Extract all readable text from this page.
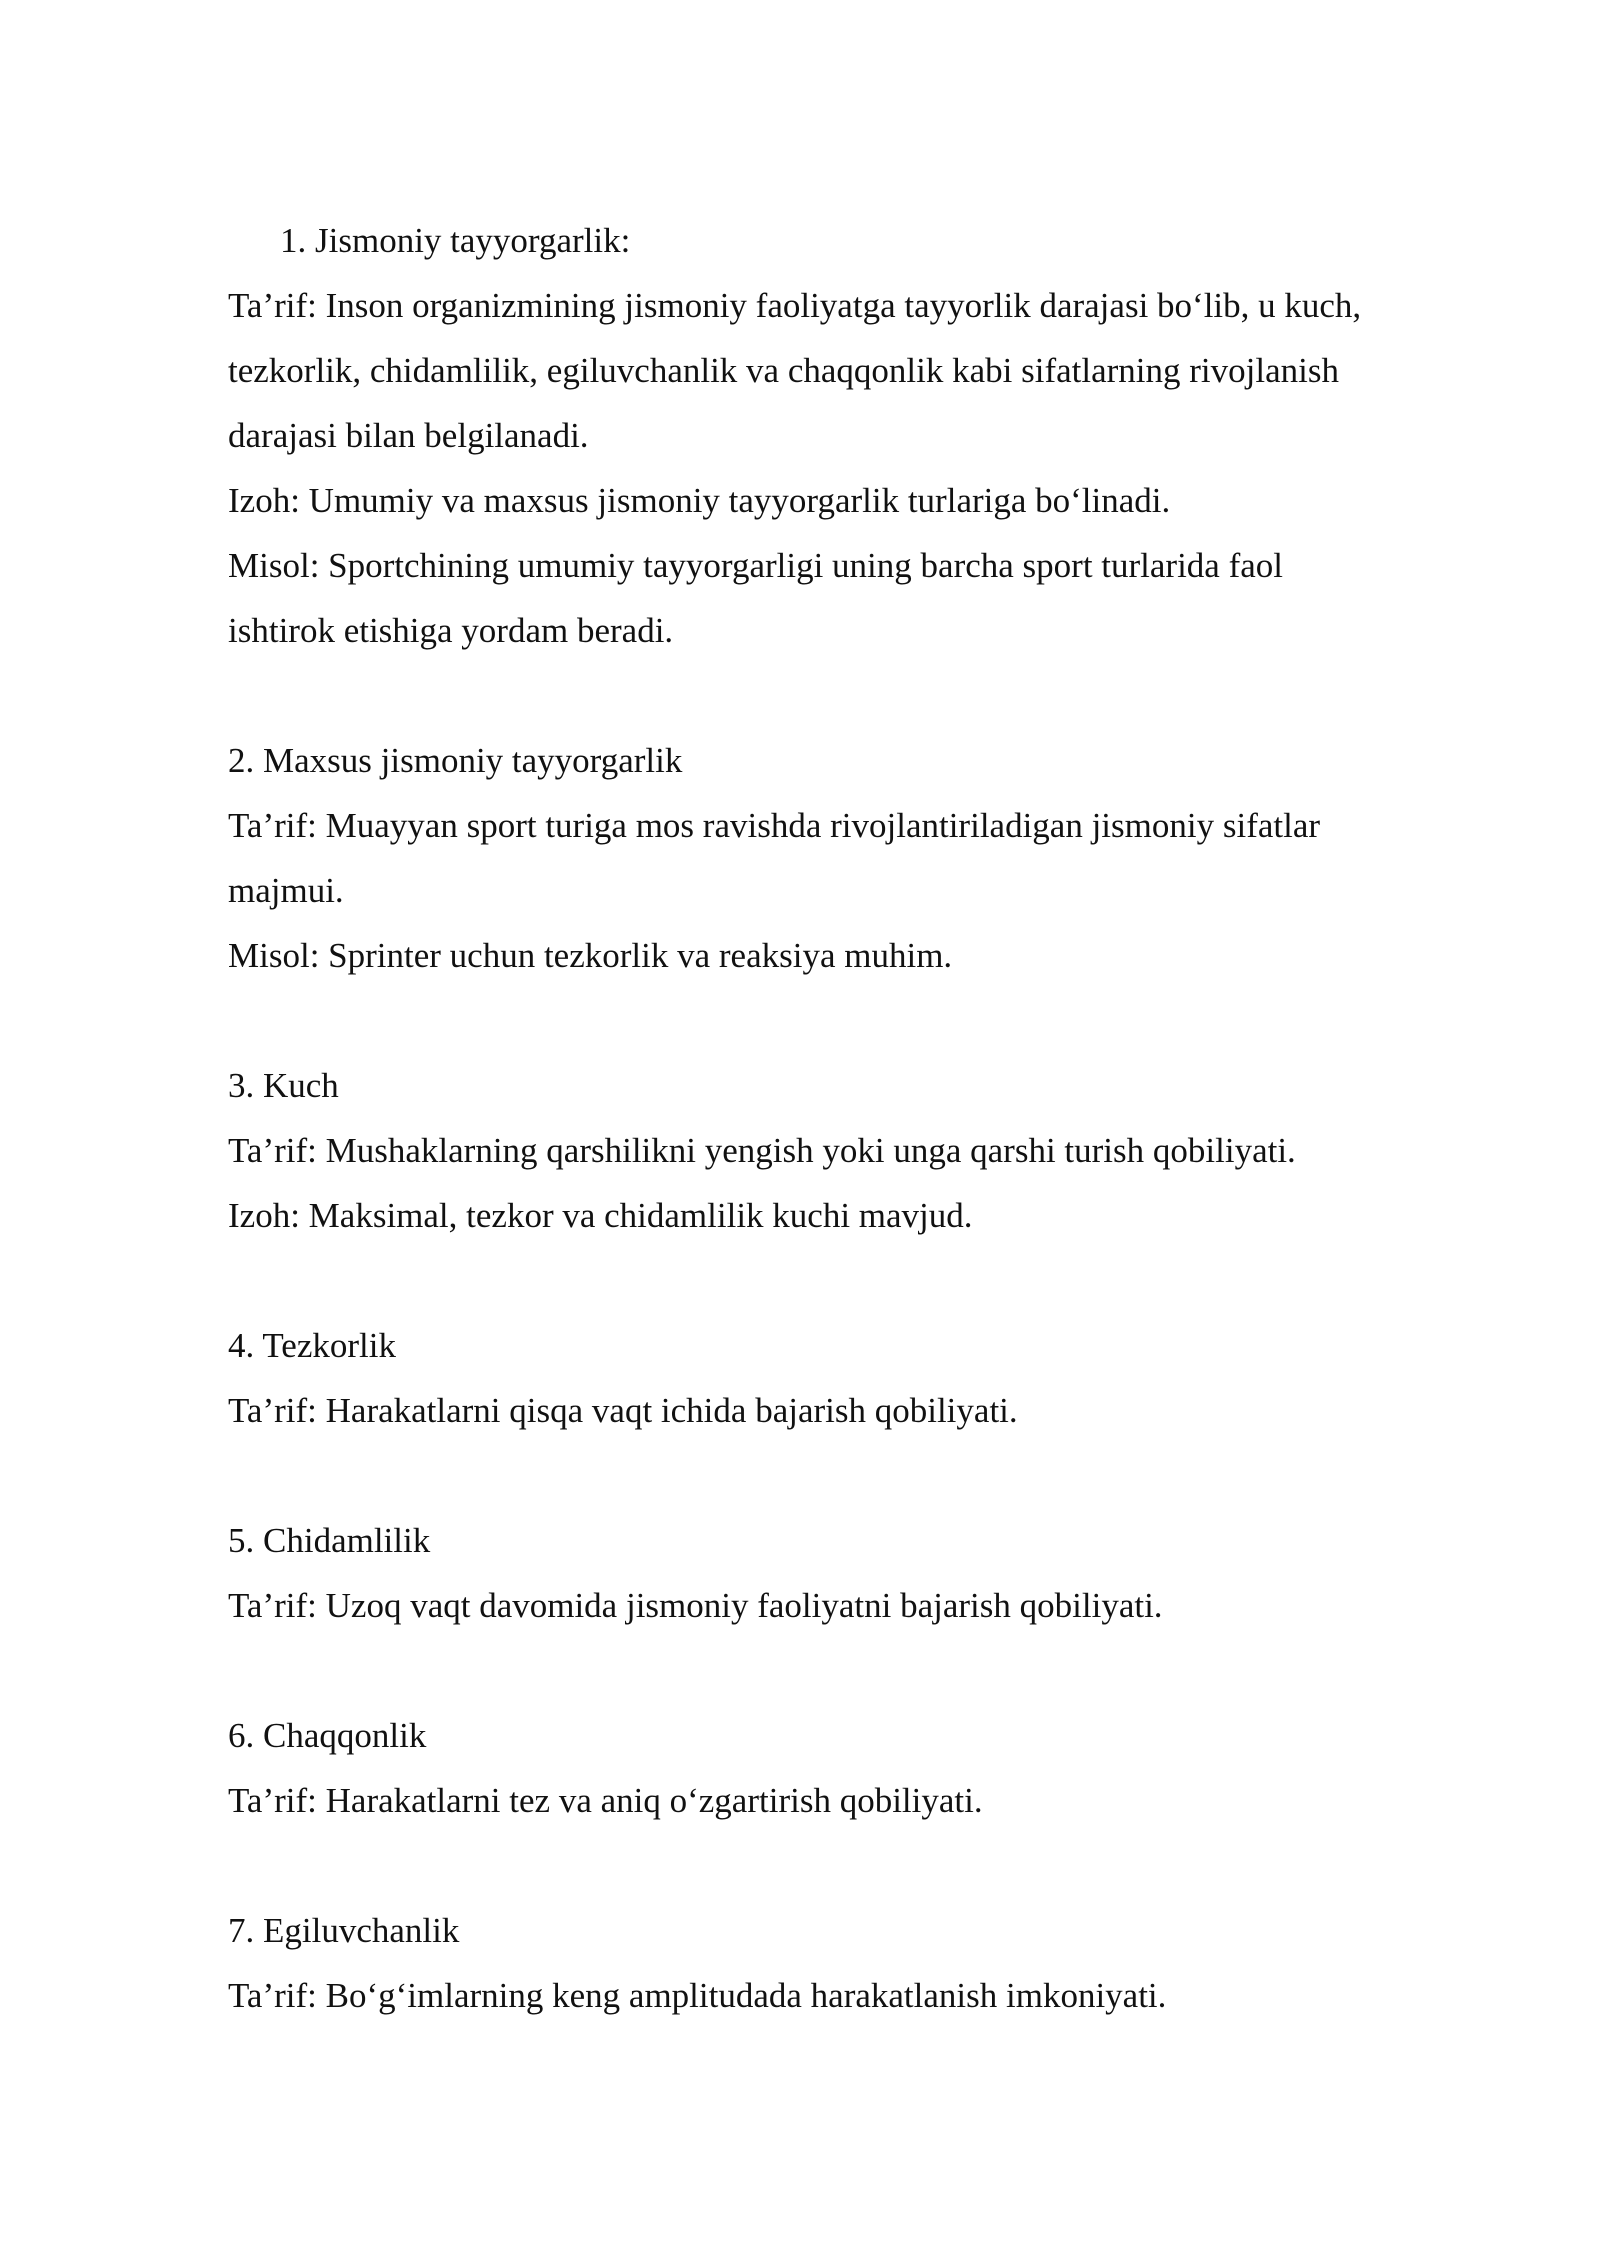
1. Jismoniy tayyorgarlik:
Ta’rif: Inson organizmining jismoniy faoliyatga tayyorlik darajasi bo‘lib, u kuch,
tezkorlik, chidamlilik, egiluvchanlik va chaqqonlik kabi sifatlarning rivojlanish
darajasi bilan belgilanadi.
Izoh: Umumiy va maxsus jismoniy tayyorgarlik turlariga bo‘linadi.
Misol: Sportchining umumiy tayyorgarligi uning barcha sport turlarida faol
ishtirok etishiga yordam beradi.
2. Maxsus jismoniy tayyorgarlik
Ta’rif: Muayyan sport turiga mos ravishda rivojlantiriladigan jismoniy sifatlar
majmui.
Misol: Sprinter uchun tezkorlik va reaksiya muhim.
3. Kuch
Ta’rif: Mushaklarning qarshilikni yengish yoki unga qarshi turish qobiliyati.
Izoh: Maksimal, tezkor va chidamlilik kuchi mavjud.
4. Tezkorlik
Ta’rif: Harakatlarni qisqa vaqt ichida bajarish qobiliyati.
5. Chidamlilik
Ta’rif: Uzoq vaqt davomida jismoniy faoliyatni bajarish qobiliyati.
6. Chaqqonlik
Ta’rif: Harakatlarni tez va aniq o‘zgartirish qobiliyati.
7. Egiluvchanlik
Ta’rif: Bo‘g‘imlarning keng amplitudada harakatlanish imkoniyati.
